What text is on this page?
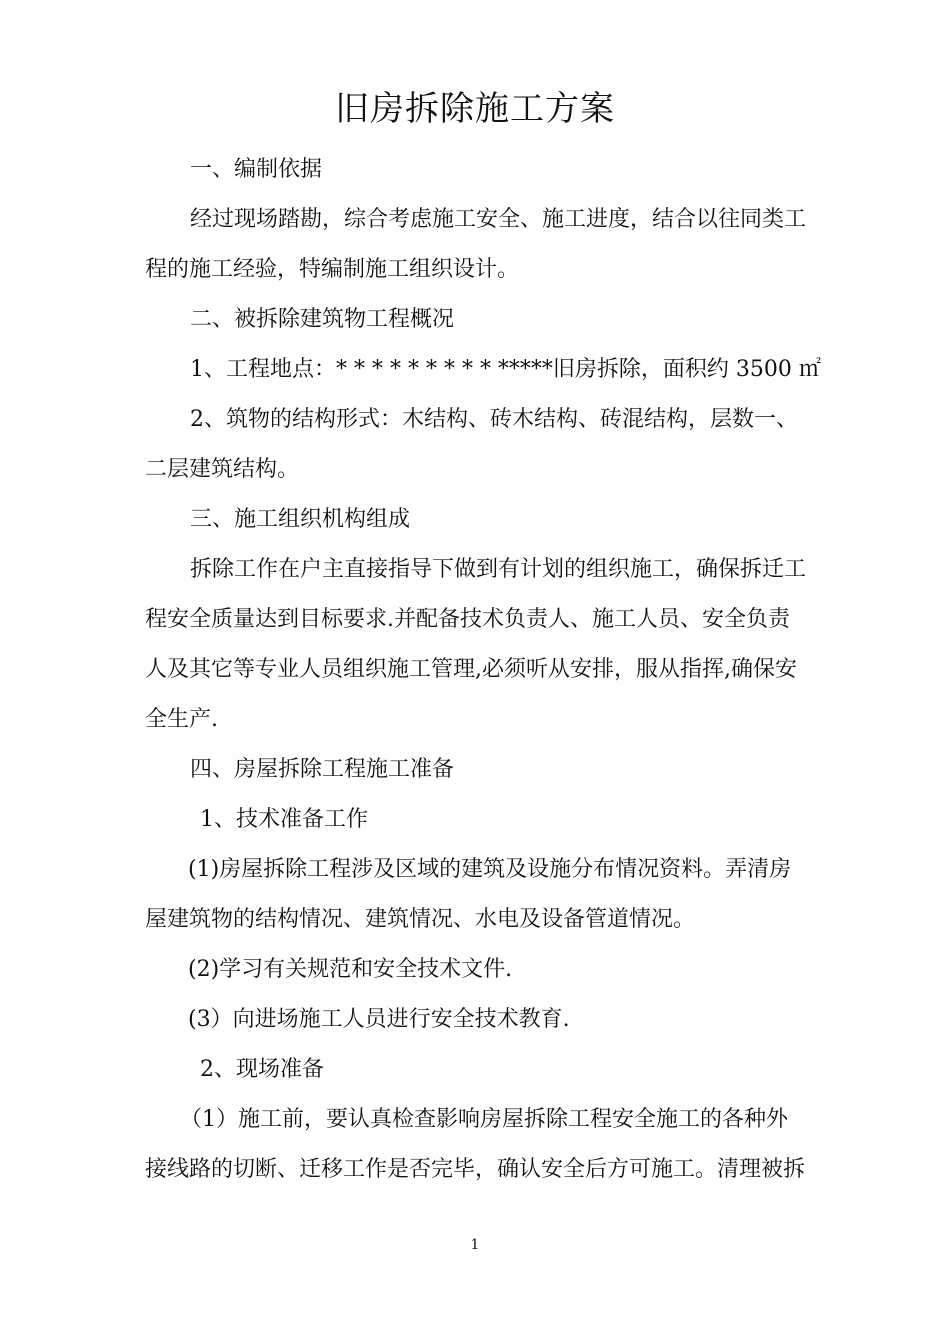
旧房拆除施工方案

一、编制依据

经过现场踏勘，综合考虑施工安全、施工进度，结合以往同类工

程的施工经验，特编制施工组织设计。

二、被拆除建筑物工程概况

1、工程地点：* * * * * * * * * *****旧房拆除，面积约 3500 ㎡

2、筑物的结构形式：木结构、砖木结构、砖混结构，层数一、

二层建筑结构。

三、施工组织机构组成

拆除工作在户主直接指导下做到有计划的组织施工，确保拆迁工

程安全质量达到目标要求.并配备技术负责人、施工人员、安全负责

人及其它等专业人员组织施工管理,必须听从安排，服从指挥,确保安

全生产.

四、房屋拆除工程施工准备

1、技术准备工作

(1)房屋拆除工程涉及区域的建筑及设施分布情况资料。弄清房

屋建筑物的结构情况、建筑情况、水电及设备管道情况。

(2)学习有关规范和安全技术文件.

(3）向进场施工人员进行安全技术教育.

2、现场准备

（1）施工前，要认真检查影响房屋拆除工程安全施工的各种外

接线路的切断、迁移工作是否完毕，确认安全后方可施工。清理被拆

1
